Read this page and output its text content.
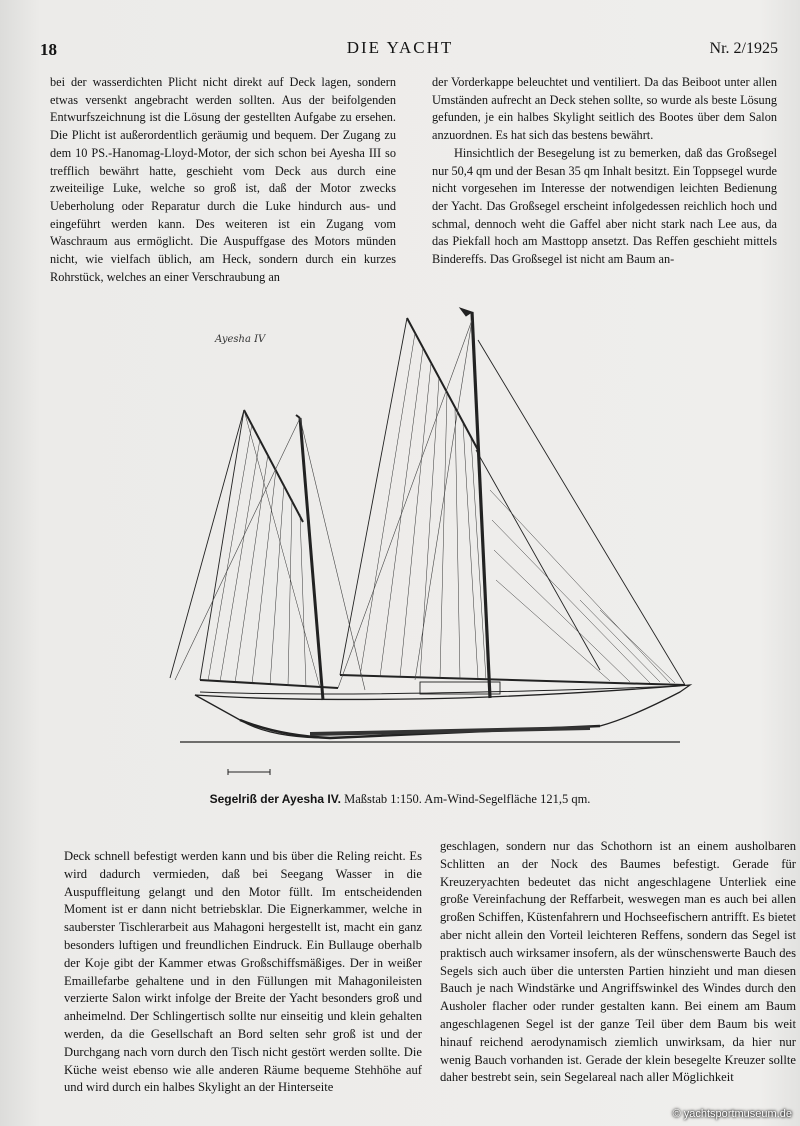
18	DIE YACHT	Nr. 2/1925

bei der wasserdichten Plicht nicht direkt auf Deck lagen, sondern etwas versenkt angebracht werden sollten. Aus der beifolgenden Entwurfszeichnung ist die Lösung der gestellten Aufgabe zu ersehen. Die Plicht ist außerordentlich geräumig und bequem. Der Zugang zu dem 10 PS.-Hanomag-Lloyd-Motor, der sich schon bei Ayesha III so trefflich bewährt hatte, geschieht vom Deck aus durch eine zweiteilige Luke, welche so groß ist, daß der Motor zwecks Ueberholung oder Reparatur durch die Luke hindurch aus- und eingeführt werden kann. Des weiteren ist ein Zugang vom Waschraum aus ermöglicht. Die Auspuffgase des Motors münden nicht, wie vielfach üblich, am Heck, sondern durch ein kurzes Rohrstück, welches an einer Verschraubung an

der Vorderkappe beleuchtet und ventiliert. Da das Beiboot unter allen Umständen aufrecht an Deck stehen sollte, so wurde als beste Lösung gefunden, je ein halbes Skylight seitlich des Bootes über dem Salon anzuordnen. Es hat sich das bestens bewährt.

Hinsichtlich der Besegelung ist zu bemerken, daß das Großsegel nur 50,4 qm und der Besan 35 qm Inhalt besitzt. Ein Toppsegel wurde nicht vorgesehen im Interesse der notwendigen leichten Bedienung der Yacht. Das Großsegel erscheint infolgedessen reichlich hoch und schmal, dennoch weht die Gaffel aber nicht stark nach Lee aus, da das Piekfall hoch am Masttopp ansetzt. Das Reffen geschieht mittels Bindereffs. Das Großsegel ist nicht am Baum an-

Ayesha IV
Segelriß der Ayesha IV. Maßstab 1:150. Am-Wind-Segelfläche 121,5 qm.

Deck schnell befestigt werden kann und bis über die Reling reicht. Es wird dadurch vermieden, daß bei Seegang Wasser in die Auspuffleitung gelangt und den Motor füllt. Im entscheidenden Moment ist er dann nicht betriebsklar. Die Eignerkammer, welche in sauberster Tischlerarbeit aus Mahagoni hergestellt ist, macht ein ganz besonders luftigen und freundlichen Eindruck. Ein Bullauge oberhalb der Koje gibt der Kammer etwas Großschiffsmäßiges. Der in weißer Emaillefarbe gehaltene und in den Füllungen mit Mahagonileisten verzierte Salon wirkt infolge der Breite der Yacht besonders groß und anheimelnd. Der Schlingertisch sollte nur einseitig und klein gehalten werden, da die Gesellschaft an Bord selten sehr groß ist und der Durchgang nach vorn durch den Tisch nicht gestört werden sollte. Die Küche weist ebenso wie alle anderen Räume bequeme Stehhöhe auf und wird durch ein halbes Skylight an der Hinterseite

geschlagen, sondern nur das Schothorn ist an einem ausholbaren Schlitten an der Nock des Baumes befestigt. Gerade für Kreuzeryachten bedeutet das nicht angeschlagene Unterliek eine große Vereinfachung der Reffarbeit, weswegen man es auch bei allen großen Schiffen, Küstenfahrern und Hochseefischern antrifft. Es bietet aber nicht allein den Vorteil leichteren Reffens, sondern das Segel ist praktisch auch wirksamer insofern, als der wünschenswerte Bauch des Segels sich auch über die untersten Partien hinzieht und man diesen Bauch je nach Windstärke und Angriffswinkel des Windes durch den Ausholer flacher oder runder gestalten kann. Bei einem am Baum angeschlagenen Segel ist der ganze Teil über dem Baum bis weit hinauf reichend aerodynamisch ziemlich unwirksam, da hier nur wenig Bauch vorhanden ist. Gerade der klein besegelte Kreuzer sollte daher bestrebt sein, sein Segelareal nach aller Möglichkeit

© yachtsportmuseum.de
